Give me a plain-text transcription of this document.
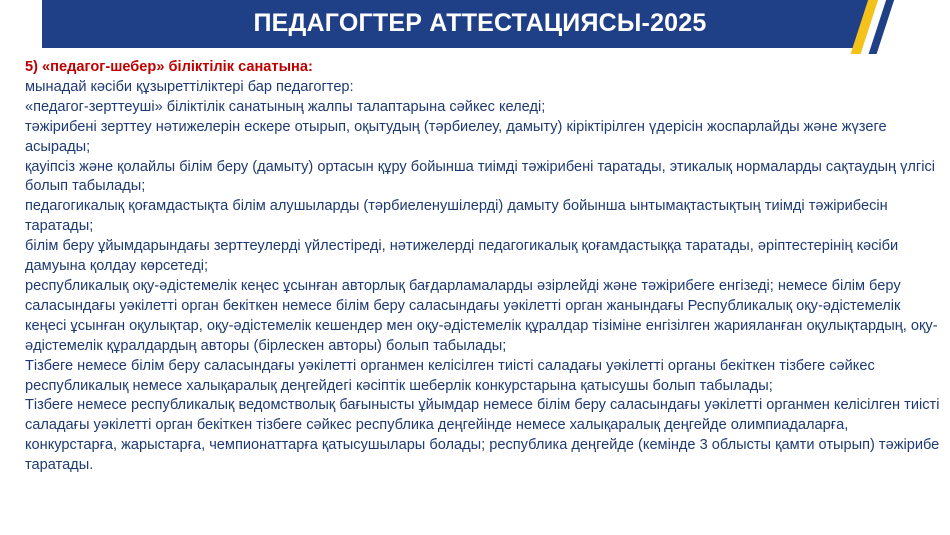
ПЕДАГОГТЕР АТТЕСТАЦИЯСЫ-2025

5) «педагог-шебер» біліктілік санатына:

мынадай кәсіби құзыреттіліктері бар педагогтер:

«педагог-зерттеуші» біліктілік санатының жалпы талаптарына сәйкес келеді;

тәжірибені зерттеу нәтижелерін ескере отырып, оқытудың (тәрбиелеу, дамыту) кіріктірілген үдерісін жоспарлайды және жүзеге асырады;

қауіпсіз және қолайлы білім беру (дамыту) ортасын құру бойынша тиімді тәжірибені таратады, этикалық нормаларды сақтаудың үлгісі болып табылады;

педагогикалық қоғамдастықта білім алушыларды (тәрбиеленушілерді) дамыту бойынша ынтымақтастықтың тиімді тәжірибесін таратады;

білім беру ұйымдарындағы зерттеулерді үйлестіреді, нәтижелерді педагогикалық қоғамдастыққа таратады, әріптестерінің кәсіби дамуына қолдау көрсетеді;

республикалық оқу-әдістемелік кеңес ұсынған авторлық бағдарламаларды әзірлейді және тәжірибеге енгізеді; немесе білім беру саласындағы уәкілетті орган бекіткен немесе білім беру саласындағы уәкілетті орган жанындағы Республикалық оқу-әдістемелік кеңесі ұсынған оқулықтар, оқу-әдістемелік кешендер мен оқу-әдістемелік құралдар тізіміне енгізілген жарияланған оқулықтардың, оқу-әдістемелік құралдардың авторы (бірлескен авторы) болып табылады;

Тізбеге немесе білім беру саласындағы уәкілетті органмен келісілген тиісті саладағы уәкілетті органы бекіткен тізбеге сәйкес республикалық немесе халықаралық деңгейдегі кәсіптік шеберлік конкурстарына қатысушы болып табылады;

Тізбеге немесе республикалық ведомстволық бағынысты ұйымдар немесе білім беру саласындағы уәкілетті органмен келісілген тиісті саладағы уәкілетті орган бекіткен тізбеге сәйкес республика деңгейінде немесе халықаралық деңгейде олимпиадаларға, конкурстарға, жарыстарға, чемпионаттарға қатысушылары болады; республика деңгейде (кемінде 3 облысты қамти отырып) тәжірибе таратады.
